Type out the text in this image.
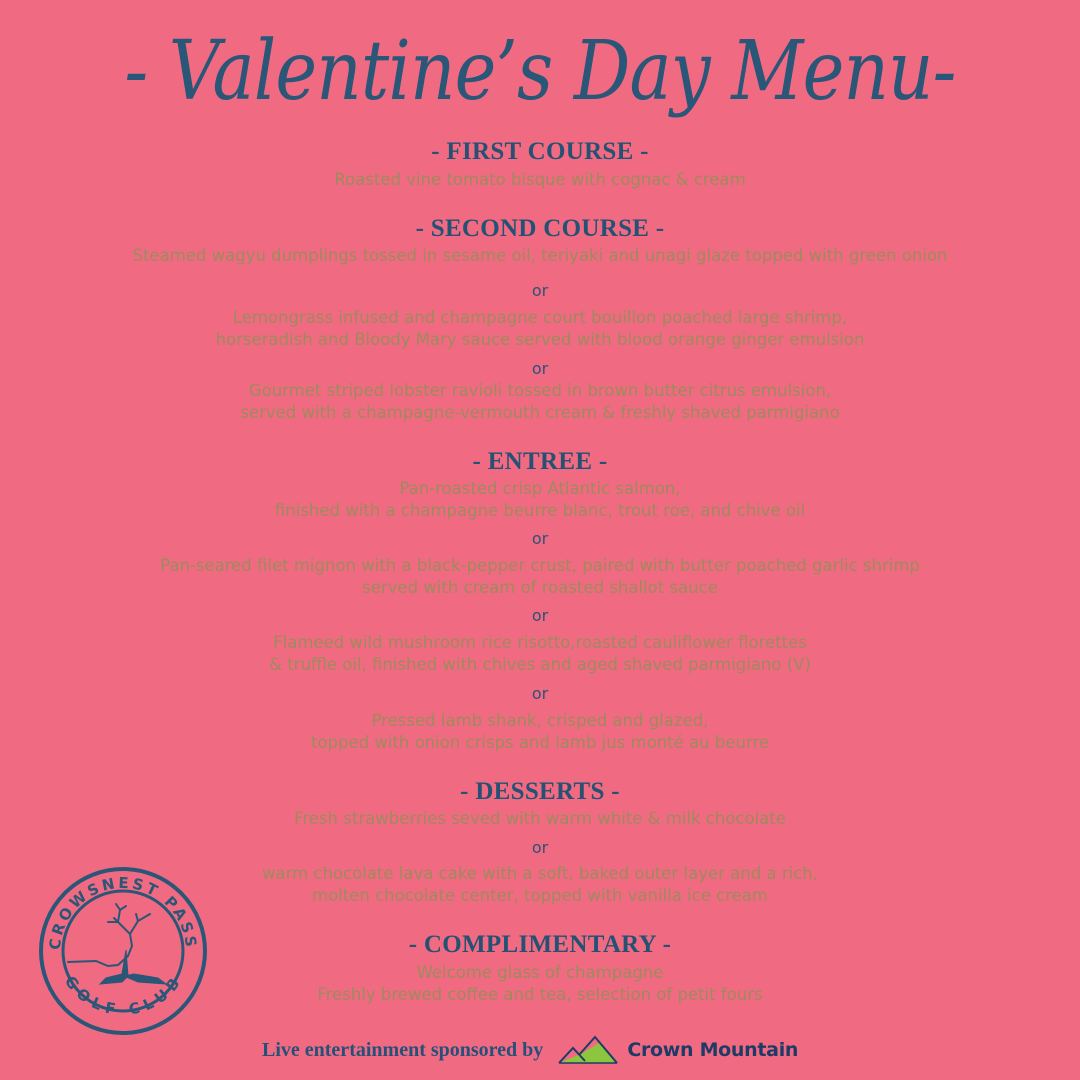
- Valentine’s Day Menu-
- FIRST COURSE -
Roasted vine tomato bisque with cognac & cream
- SECOND COURSE -
Steamed wagyu dumplings tossed in sesame oil, teriyaki and unagi glaze topped with green onion
or
Lemongrass infused and champagne court bouillon poached large shrimp,
horseradish and Bloody Mary sauce served with blood orange ginger emulsion
or
Gourmet striped lobster ravioli tossed in brown butter citrus emulsion,
served with a champagne-vermouth cream & freshly shaved parmigiano
- ENTREE -
Pan-roasted crisp Atlantic salmon,
finished with a champagne beurre blanc, trout roe, and chive oil
or
Pan-seared filet mignon with a black-pepper crust, paired with butter poached garlic shrimp
served with cream of roasted shallot sauce
or
Flameed wild mushroom rice risotto,roasted cauliflower florettes
& truffle oil, finished with chives and aged shaved parmigiano (V)
or
Pressed lamb shank, crisped and glazed,
topped with onion crisps and lamb jus monté au beurre
- DESSERTS -
Fresh strawberries seved with warm white & milk chocolate
or
warm chocolate lava cake with a soft, baked outer layer and a rich,
molten chocolate center, topped with vanilla ice cream
- COMPLIMENTARY -
Welcome glass of champagne
Freshly brewed coffee and tea, selection of petit fours
CROWSNEST PASS
GOLF CLUB
Live entertainment sponsored by	Crown Mountain
